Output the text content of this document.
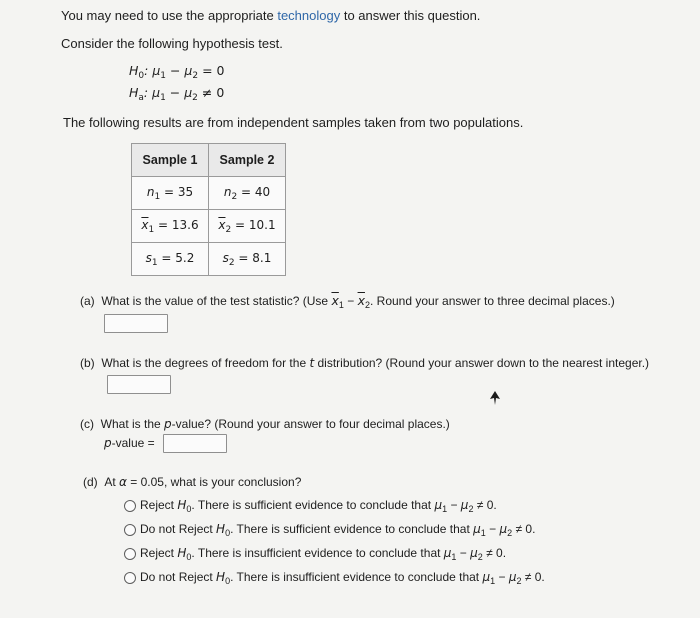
You may need to use the appropriate technology to answer this question.
Consider the following hypothesis test.
$H_0$: $\mu_1 - \mu_2 = 0$
$H_a$: $\mu_1 - \mu_2 \ne 0$
The following results are from independent samples taken from two populations.
Sample 1	Sample 2
$n_1 = 35$	$n_2 = 40$
$\overline{x}_1 = 13.6$	$\overline{x}_2 = 10.1$
$s_1 = 5.2$	$s_2 = 8.1$
(a) What is the value of the test statistic? (Use $\overline{x}_1 - \overline{x}_2$. Round your answer to three decimal places.)
(b) What is the degrees of freedom for the t distribution? (Round your answer down to the nearest integer.)
(c) What is the p-value? (Round your answer to four decimal places.)
p-value =
(d) At α = 0.05, what is your conclusion?
Reject $H_0$. There is sufficient evidence to conclude that $\mu_1 - \mu_2 \ne 0$.
Do not Reject $H_0$. There is sufficient evidence to conclude that $\mu_1 - \mu_2 \ne 0$.
Reject $H_0$. There is insufficient evidence to conclude that $\mu_1 - \mu_2 \ne 0$.
Do not Reject $H_0$. There is insufficient evidence to conclude that $\mu_1 - \mu_2 \ne 0$.
